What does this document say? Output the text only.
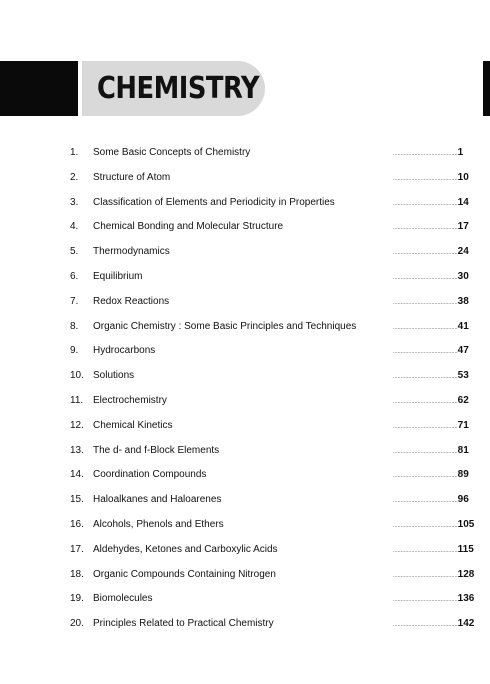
CHEMISTRY
1. Some Basic Concepts of Chemistry	..........................................1
2. Structure of Atom	..........................................10
3. Classification of Elements and Periodicity in Properties	..........................................14
4. Chemical Bonding and Molecular Structure	..........................................17
5. Thermodynamics	..........................................24
6. Equilibrium	..........................................30
7. Redox Reactions	..........................................38
8. Organic Chemistry : Some Basic Principles and Techniques	..........................................41
9. Hydrocarbons	..........................................47
10. Solutions	..........................................53
11. Electrochemistry	..........................................62
12. Chemical Kinetics	..........................................71
13. The d- and f-Block Elements	..........................................81
14. Coordination Compounds	..........................................89
15. Haloalkanes and Haloarenes	..........................................96
16. Alcohols, Phenols and Ethers	..........................................105
17. Aldehydes, Ketones and Carboxylic Acids	..........................................115
18. Organic Compounds Containing Nitrogen	..........................................128
19. Biomolecules	..........................................136
20. Principles Related to Practical Chemistry	..........................................142
